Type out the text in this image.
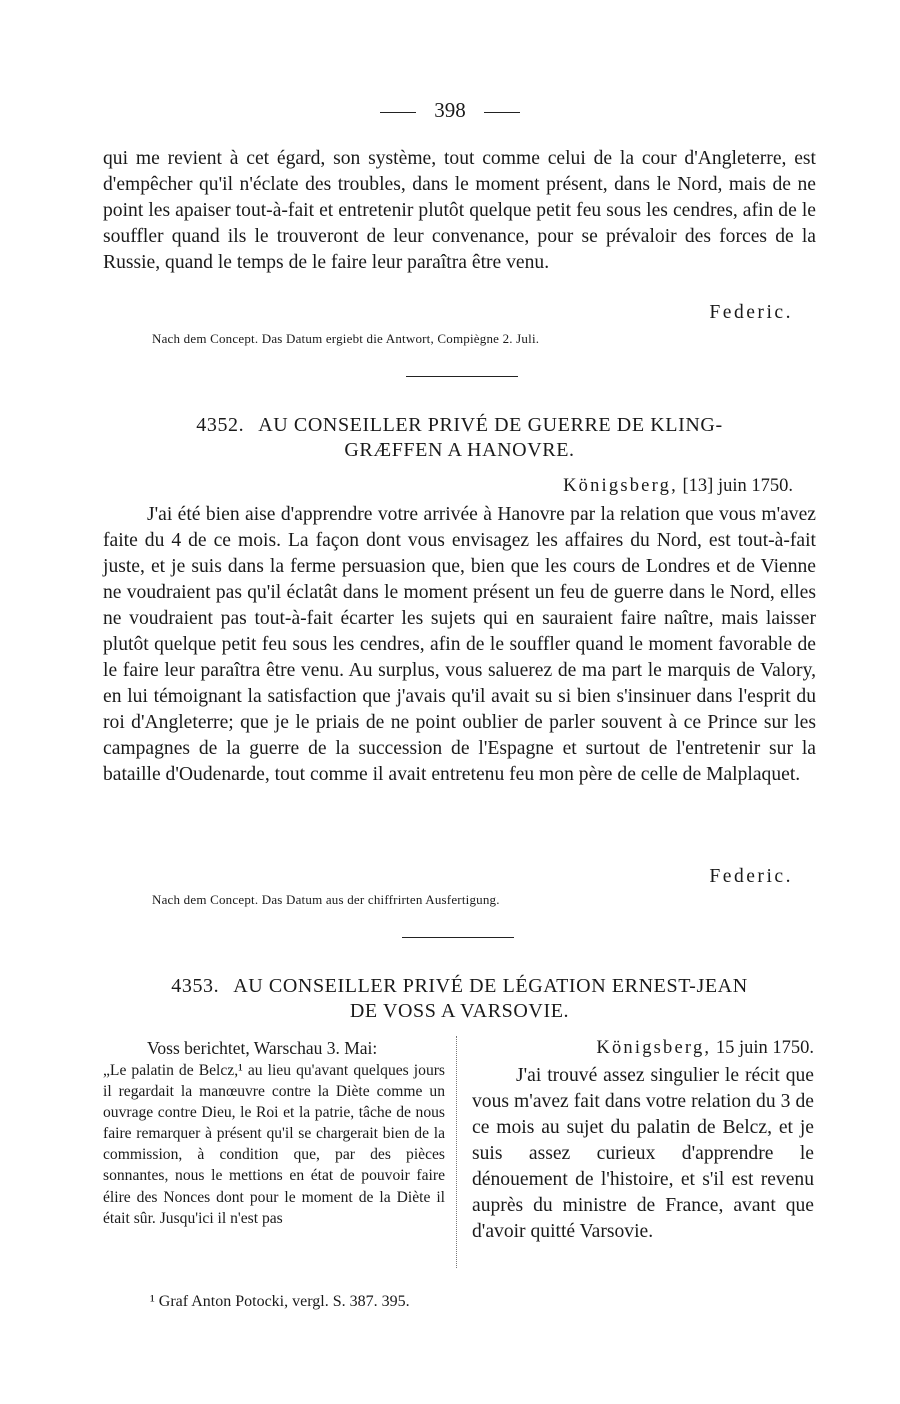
398
qui me revient à cet égard, son système, tout comme celui de la cour d'Angleterre, est d'empêcher qu'il n'éclate des troubles, dans le moment présent, dans le Nord, mais de ne point les apaiser tout-à-fait et entretenir plutôt quelque petit feu sous les cendres, afin de le souffler quand ils le trouveront de leur convenance, pour se prévaloir des forces de la Russie, quand le temps de le faire leur paraîtra être venu.
Federic.
Nach dem Concept. Das Datum ergiebt die Antwort, Compiègne 2. Juli.
4352. AU CONSEILLER PRIVÉ DE GUERRE DE KLING-
GRÆFFEN A HANOVRE.
Königsberg, [13] juin 1750.
J'ai été bien aise d'apprendre votre arrivée à Hanovre par la relation que vous m'avez faite du 4 de ce mois. La façon dont vous envisagez les affaires du Nord, est tout-à-fait juste, et je suis dans la ferme persuasion que, bien que les cours de Londres et de Vienne ne voudraient pas qu'il éclatât dans le moment présent un feu de guerre dans le Nord, elles ne voudraient pas tout-à-fait écarter les sujets qui en sauraient faire naître, mais laisser plutôt quelque petit feu sous les cendres, afin de le souffler quand le moment favorable de le faire leur paraîtra être venu. Au surplus, vous saluerez de ma part le marquis de Valory, en lui témoignant la satisfaction que j'avais qu'il avait su si bien s'insinuer dans l'esprit du roi d'Angleterre; que je le priais de ne point oublier de parler souvent à ce Prince sur les campagnes de la guerre de la succession de l'Espagne et surtout de l'entretenir sur la bataille d'Oudenarde, tout comme il avait entretenu feu mon père de celle de Malplaquet.
Federic.
Nach dem Concept. Das Datum aus der chiffrirten Ausfertigung.
4353. AU CONSEILLER PRIVÉ DE LÉGATION ERNEST-JEAN
DE VOSS A VARSOVIE.
Voss berichtet, Warschau 3. Mai:
„Le palatin de Belcz,¹ au lieu qu'avant quelques jours il regardait la manœuvre contre la Diète comme un ouvrage contre Dieu, le Roi et la patrie, tâche de nous faire remarquer à présent qu'il se chargerait bien de la commission, à condition que, par des pièces sonnantes, nous le mettions en état de pouvoir faire élire des Nonces dont pour le moment de la Diète il était sûr. Jusqu'ici il n'est pas
Königsberg, 15 juin 1750.
J'ai trouvé assez singulier le récit que vous m'avez fait dans votre relation du 3 de ce mois au sujet du palatin de Belcz, et je suis assez curieux d'apprendre le dénouement de l'histoire, et s'il est revenu auprès du ministre de France, avant que d'avoir quitté Varsovie.
¹ Graf Anton Potocki, vergl. S. 387. 395.
